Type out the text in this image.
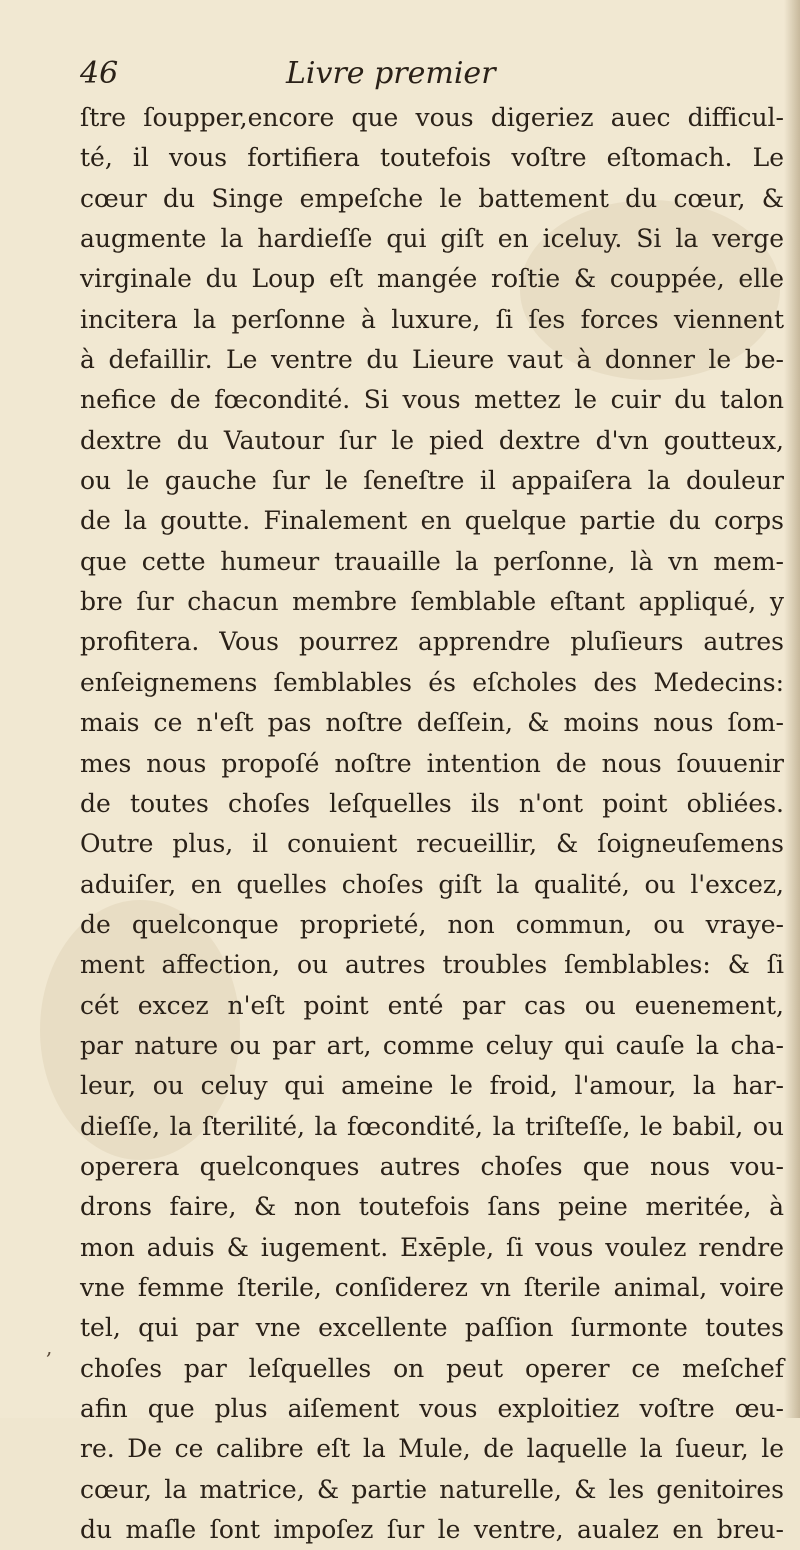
46	Livre premier
ſtre ſoupper,encore que vous digeriez auec difficul-
té, il vous fortifiera toutefois voſtre eſtomach. Le
cœur du Singe empeſche le battement du cœur, &
augmente la hardieſſe qui giſt en iceluy. Si la verge
virginale du Loup eſt mangée roſtie & couppée, elle
incitera la perſonne à luxure, ſi ſes forces viennent
à defaillir. Le ventre du Lieure vaut à donner le be-
nefice de fœcondité. Si vous mettez le cuir du talon
dextre du Vautour ſur le pied dextre d'vn goutteux,
ou le gauche ſur le ſeneſtre il appaiſera la douleur
de la goutte. Finalement en quelque partie du corps
que cette humeur trauaille la perſonne, là vn mem-
bre ſur chacun membre ſemblable eſtant appliqué, y
profitera. Vous pourrez apprendre pluſieurs autres
enſeignemens ſemblables és eſcholes des Medecins:
mais ce n'eſt pas noſtre deſſein, & moins nous ſom-
mes nous propoſé noſtre intention de nous ſouuenir
de toutes choſes leſquelles ils n'ont point obliées.
Outre plus, il conuient recueillir, & ſoigneuſemens
aduiſer, en quelles choſes giſt la qualité, ou l'excez,
de quelconque proprieté, non commun, ou vraye-
ment affection, ou autres troubles ſemblables: & ſi
cét excez n'eſt point enté par cas ou euenement,
par nature ou par art, comme celuy qui cauſe la cha-
leur, ou celuy qui ameine le froid, l'amour, la har-
dieſſe, la ſterilité, la fœcondité, la triſteſſe, le babil, ou
operera quelconques autres choſes que nous vou-
drons faire, & non toutefois ſans peine meritée, à
mon aduis & iugement. Exēple, ſi vous voulez rendre
vne femme ſterile, conſiderez vn ſterile animal, voire
tel, qui par vne excellente paſſion ſurmonte toutes
choſes par leſquelles on peut operer ce meſchef
afin que plus aiſement vous exploitiez voſtre œu-
re. De ce calibre eſt la Mule, de laquelle la ſueur, le
cœur, la matrice, & partie naturelle, & les genitoires
du maſle ſont impoſez ſur le ventre, aualez en breu-
,
